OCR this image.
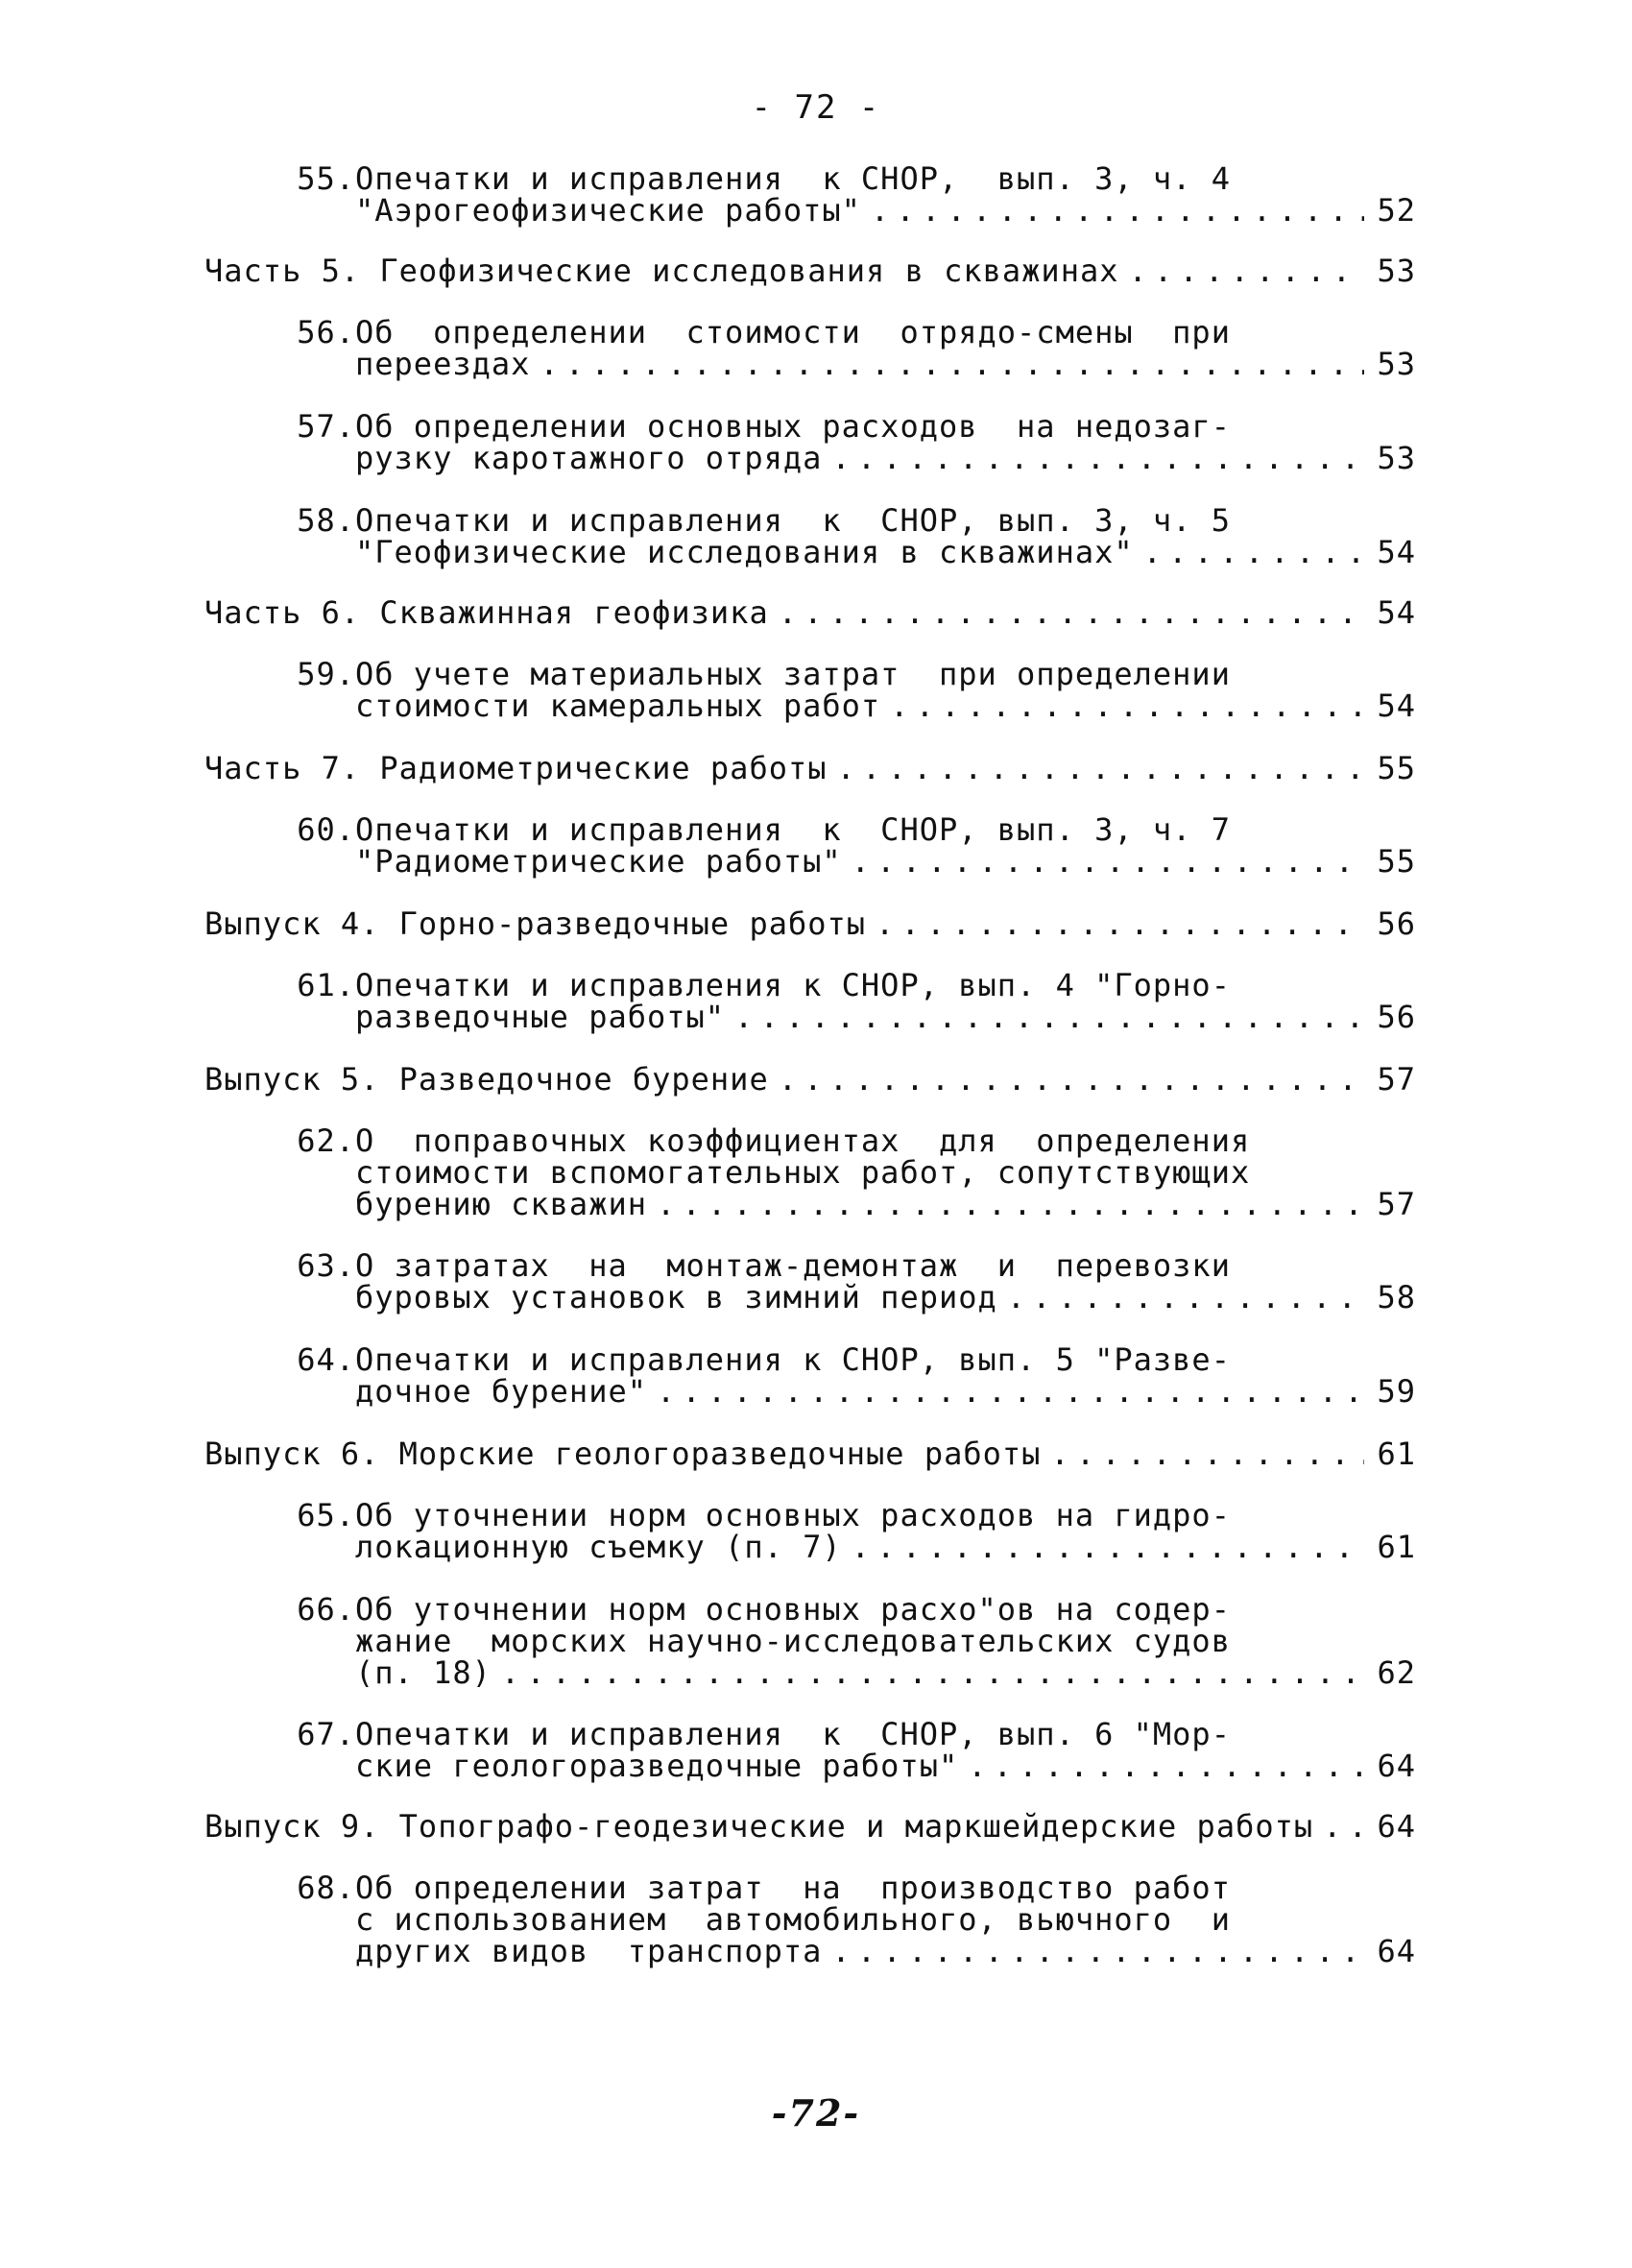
- 72 -
55. Опечатки и исправления  к СНОР,  вып. 3, ч. 4
"Аэрогеофизические работы" . . .	52
Часть 5. Геофизические исследования в скважинах . . .	53
56. Об  определении  стоимости  отрядо-смены  при
переездах . . .	53
57. Об определении основных расходов  на недозаг-
рузку каротажного отряда . . .	53
58. Опечатки и исправления  к  СНОР, вып. 3, ч. 5
"Геофизические исследования в скважинах" . . .	54
Часть 6. Скважинная геофизика . . .	54
59. Об учете материальных затрат  при определении
стоимости камеральных работ . . .	54
Часть 7. Радиометрические работы . . .	55
60. Опечатки и исправления  к  СНОР, вып. 3, ч. 7
"Радиометрические работы" . . .	55
Выпуск 4. Горно-разведочные работы . . .	56
61. Опечатки и исправления к СНОР, вып. 4 "Горно-
разведочные работы" . . .	56
Выпуск 5. Разведочное бурение . . .	57
62. О  поправочных коэффициентах  для  определения
стоимости вспомогательных работ, сопутствующих
бурению скважин . . .	57
63. О затратах  на  монтаж-демонтаж  и  перевозки
буровых установок в зимний период . . .	58
64. Опечатки и исправления к СНОР, вып. 5 "Разве-
дочное бурение" . . .	59
Выпуск 6. Морские геологоразведочные работы . . .	61
65. Об уточнении норм основных расходов на гидро-
локационную съемку (п. 7) . . .	61
66. Об уточнении норм основных расхо"ов на содер-
жание  морских научно-исследовательских судов
(п. 18) . . .	62
67. Опечатки и исправления  к  СНОР, вып. 6 "Мор-
ские геологоразведочные работы" . . .	64
Выпуск 9. Топографо-геодезические и маркшейдерские работы . . . 64
68. Об определении затрат  на  производство работ
с использованием  автомобильного, вьючного  и
других видов  транспорта . . .	64
-72-
